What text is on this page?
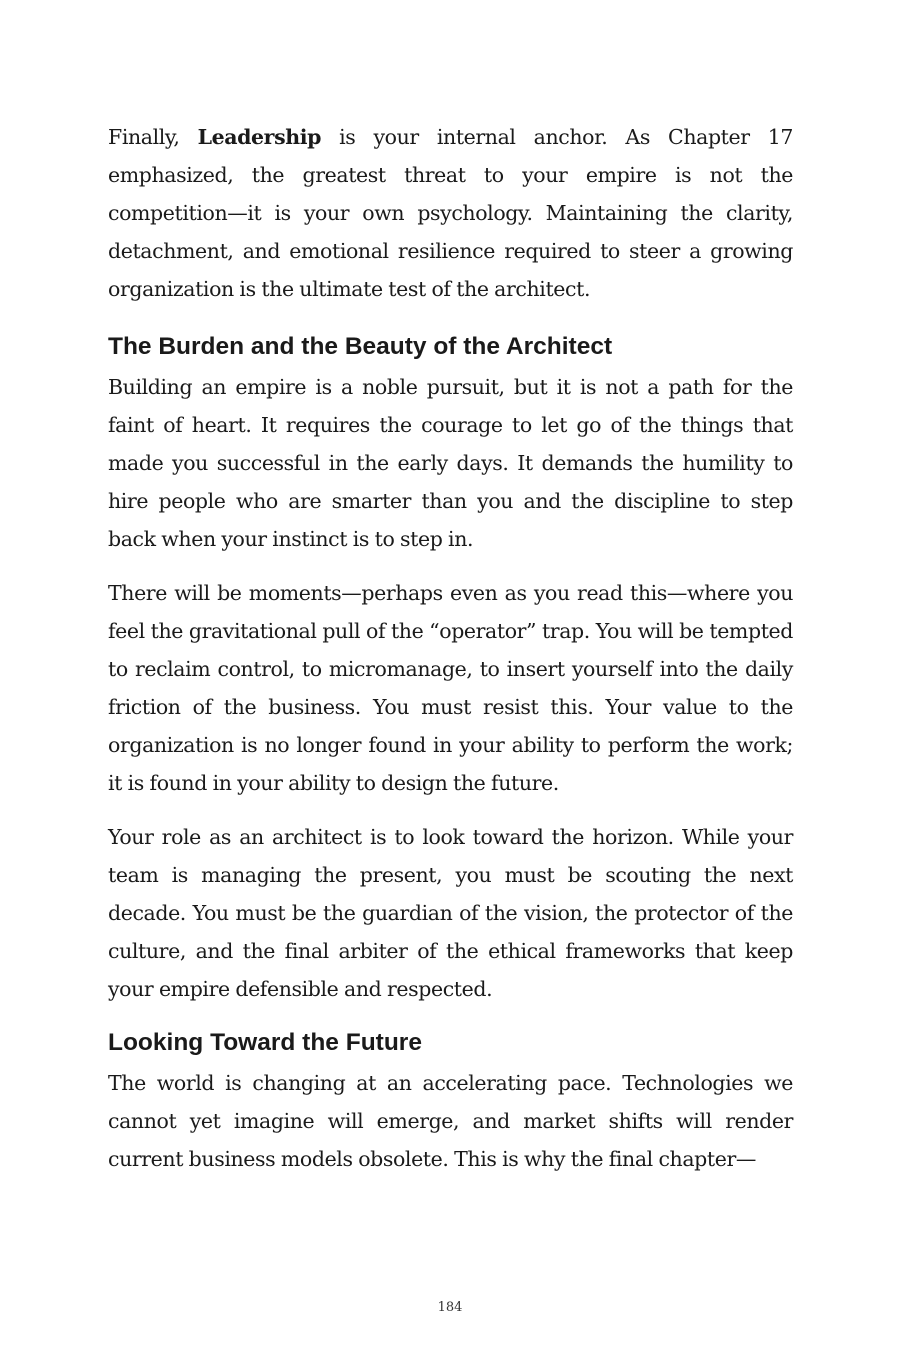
Finally, Leadership is your internal anchor. As Chapter 17 emphasized, the greatest threat to your empire is not the competition—it is your own psychology. Maintaining the clarity, detachment, and emotional resilience required to steer a growing organization is the ultimate test of the architect.

The Burden and the Beauty of the Architect

Building an empire is a noble pursuit, but it is not a path for the faint of heart. It requires the courage to let go of the things that made you successful in the early days. It demands the humility to hire people who are smarter than you and the discipline to step back when your instinct is to step in.

There will be moments—perhaps even as you read this—where you feel the gravitational pull of the “operator” trap. You will be tempted to reclaim control, to micromanage, to insert yourself into the daily friction of the business. You must resist this. Your value to the organization is no longer found in your ability to perform the work; it is found in your ability to design the future.

Your role as an architect is to look toward the horizon. While your team is managing the present, you must be scouting the next decade. You must be the guardian of the vision, the protector of the culture, and the final arbiter of the ethical frameworks that keep your empire defensible and respected.

Looking Toward the Future

The world is changing at an accelerating pace. Technologies we cannot yet imagine will emerge, and market shifts will render current business models obsolete. This is why the final chapter—

184
